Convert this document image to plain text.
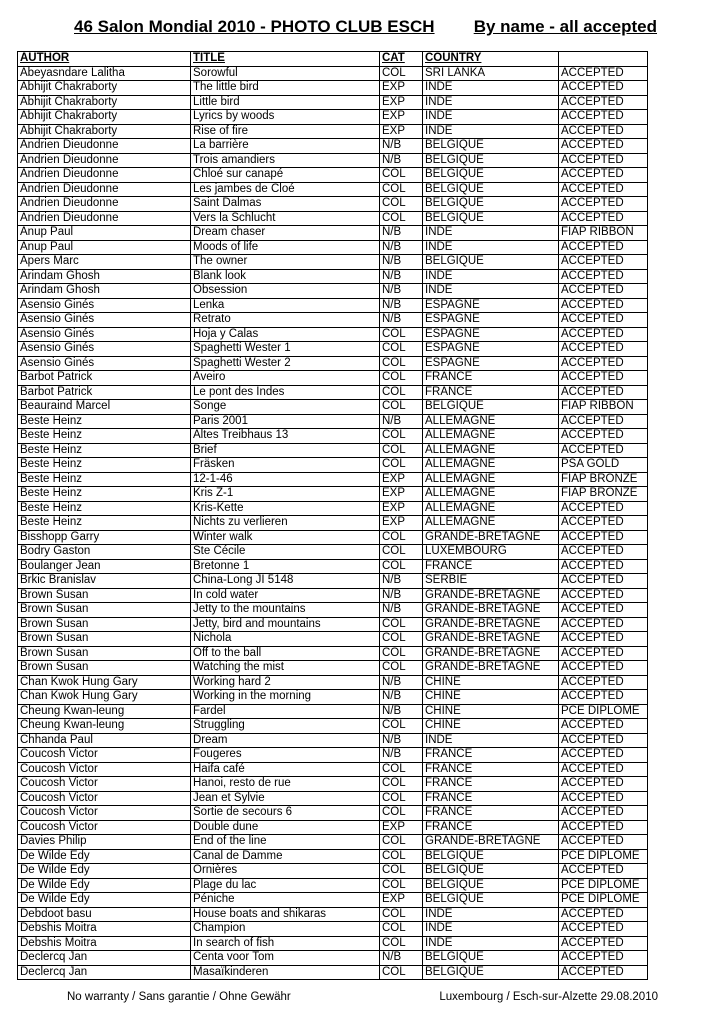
46 Salon Mondial 2010 - PHOTO CLUB ESCH By name - all accepted
AUTHOR	TITLE	CAT	COUNTRY	
Abeyasndare Lalitha	Sorowful	COL	SRI LANKA	ACCEPTED
Abhijit Chakraborty	The little bird	EXP	INDE	ACCEPTED
Abhijit Chakraborty	Little bird	EXP	INDE	ACCEPTED
Abhijit Chakraborty	Lyrics by woods	EXP	INDE	ACCEPTED
Abhijit Chakraborty	Rise of fire	EXP	INDE	ACCEPTED
Andrien Dieudonne	La barrière	N/B	BELGIQUE	ACCEPTED
Andrien Dieudonne	Trois amandiers	N/B	BELGIQUE	ACCEPTED
Andrien Dieudonne	Chloé sur canapé	COL	BELGIQUE	ACCEPTED
Andrien Dieudonne	Les jambes de Cloé	COL	BELGIQUE	ACCEPTED
Andrien Dieudonne	Saint Dalmas	COL	BELGIQUE	ACCEPTED
Andrien Dieudonne	Vers la Schlucht	COL	BELGIQUE	ACCEPTED
Anup Paul	Dream chaser	N/B	INDE	FIAP RIBBON
Anup Paul	Moods of life	N/B	INDE	ACCEPTED
Apers Marc	The owner	N/B	BELGIQUE	ACCEPTED
Arindam Ghosh	Blank look	N/B	INDE	ACCEPTED
Arindam Ghosh	Obsession	N/B	INDE	ACCEPTED
Asensio Ginés	Lenka	N/B	ESPAGNE	ACCEPTED
Asensio Ginés	Retrato	N/B	ESPAGNE	ACCEPTED
Asensio Ginés	Hoja y Calas	COL	ESPAGNE	ACCEPTED
Asensio Ginés	Spaghetti Wester 1	COL	ESPAGNE	ACCEPTED
Asensio Ginés	Spaghetti Wester 2	COL	ESPAGNE	ACCEPTED
Barbot Patrick	Aveiro	COL	FRANCE	ACCEPTED
Barbot Patrick	Le pont des Indes	COL	FRANCE	ACCEPTED
Beauraind Marcel	Songe	COL	BELGIQUE	FIAP RIBBON
Beste Heinz	Paris 2001	N/B	ALLEMAGNE	ACCEPTED
Beste Heinz	Altes Treibhaus 13	COL	ALLEMAGNE	ACCEPTED
Beste Heinz	Brief	COL	ALLEMAGNE	ACCEPTED
Beste Heinz	Fräsken	COL	ALLEMAGNE	PSA GOLD
Beste Heinz	12-1-46	EXP	ALLEMAGNE	FIAP BRONZE
Beste Heinz	Kris Z-1	EXP	ALLEMAGNE	FIAP BRONZE
Beste Heinz	Kris-Kette	EXP	ALLEMAGNE	ACCEPTED
Beste Heinz	Nichts zu verlieren	EXP	ALLEMAGNE	ACCEPTED
Bisshopp Garry	Winter walk	COL	GRANDE-BRETAGNE	ACCEPTED
Bodry Gaston	Ste Cécile	COL	LUXEMBOURG	ACCEPTED
Boulanger Jean	Bretonne 1	COL	FRANCE	ACCEPTED
Brkic Branislav	China-Long JI 5148	N/B	SERBIE	ACCEPTED
Brown Susan	In cold water	N/B	GRANDE-BRETAGNE	ACCEPTED
Brown Susan	Jetty to the mountains	N/B	GRANDE-BRETAGNE	ACCEPTED
Brown Susan	Jetty, bird and mountains	COL	GRANDE-BRETAGNE	ACCEPTED
Brown Susan	Nichola	COL	GRANDE-BRETAGNE	ACCEPTED
Brown Susan	Off to the ball	COL	GRANDE-BRETAGNE	ACCEPTED
Brown Susan	Watching the mist	COL	GRANDE-BRETAGNE	ACCEPTED
Chan Kwok Hung Gary	Working hard 2	N/B	CHINE	ACCEPTED
Chan Kwok Hung Gary	Working in the morning	N/B	CHINE	ACCEPTED
Cheung Kwan-leung	Fardel	N/B	CHINE	PCE DIPLOME
Cheung Kwan-leung	Struggling	COL	CHINE	ACCEPTED
Chhanda Paul	Dream	N/B	INDE	ACCEPTED
Coucosh Victor	Fougeres	N/B	FRANCE	ACCEPTED
Coucosh Victor	Haifa café	COL	FRANCE	ACCEPTED
Coucosh Victor	Hanoi, resto de rue	COL	FRANCE	ACCEPTED
Coucosh Victor	Jean et Sylvie	COL	FRANCE	ACCEPTED
Coucosh Victor	Sortie de secours 6	COL	FRANCE	ACCEPTED
Coucosh Victor	Double dune	EXP	FRANCE	ACCEPTED
Davies Philip	End of the line	COL	GRANDE-BRETAGNE	ACCEPTED
De Wilde Edy	Canal de Damme	COL	BELGIQUE	PCE DIPLOME
De Wilde Edy	Ornières	COL	BELGIQUE	ACCEPTED
De Wilde Edy	Plage du lac	COL	BELGIQUE	PCE DIPLOME
De Wilde Edy	Péniche	EXP	BELGIQUE	PCE DIPLOME
Debdoot basu	House boats and shikaras	COL	INDE	ACCEPTED
Debshis Moitra	Champion	COL	INDE	ACCEPTED
Debshis Moitra	In search of fish	COL	INDE	ACCEPTED
Declercq Jan	Centa voor Tom	N/B	BELGIQUE	ACCEPTED
Declercq Jan	Masaïkinderen	COL	BELGIQUE	ACCEPTED
No warranty / Sans garantie / Ohne Gewähr	Luxembourg / Esch-sur-Alzette 29.08.2010
